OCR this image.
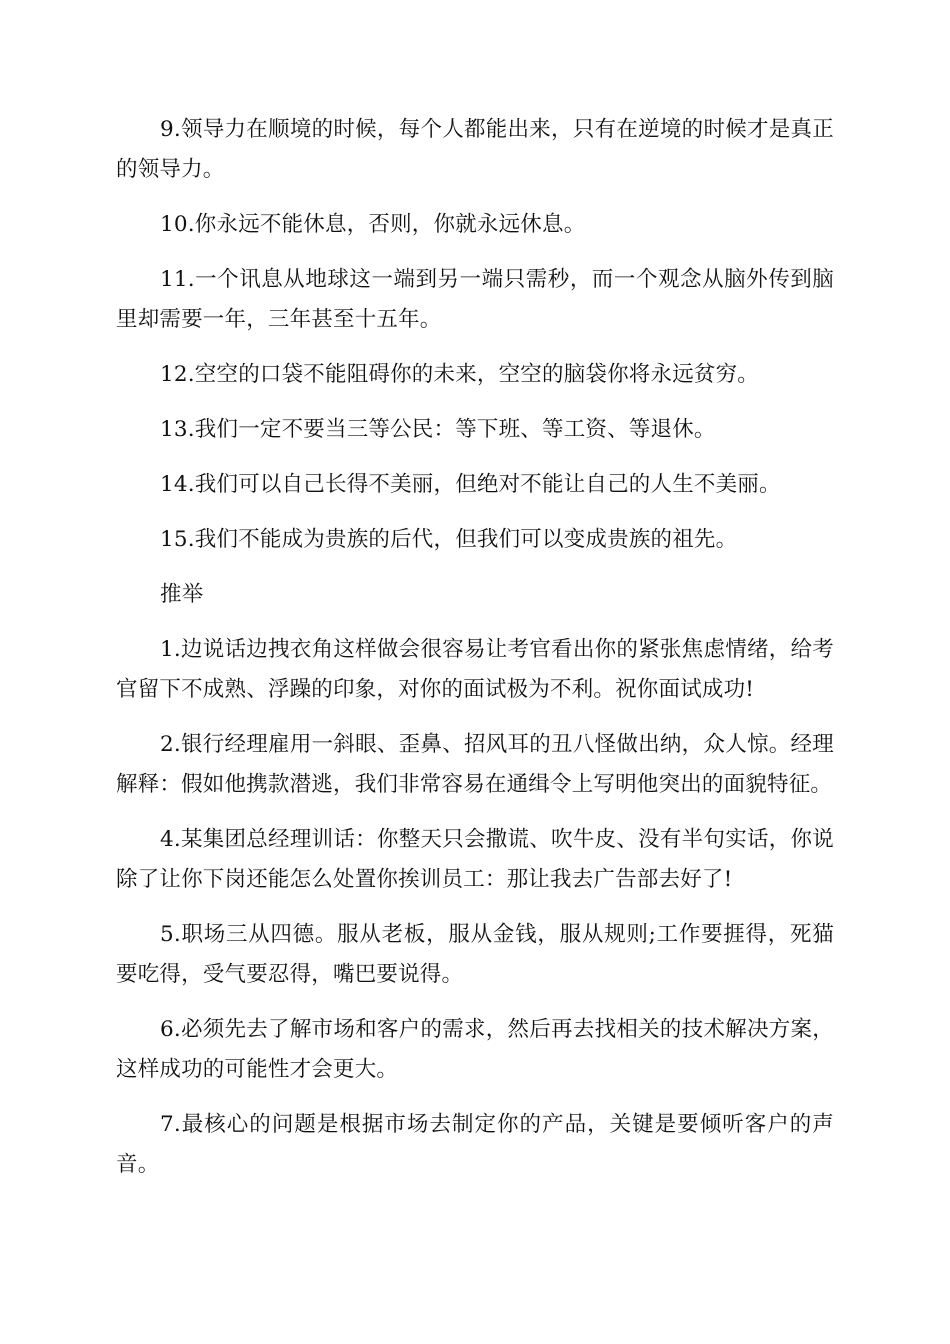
9.领导力在顺境的时候，每个人都能出来，只有在逆境的时候才是真正的领导力。

10.你永远不能休息，否则，你就永远休息。

11.一个讯息从地球这一端到另一端只需秒，而一个观念从脑外传到脑里却需要一年，三年甚至十五年。

12.空空的口袋不能阻碍你的未来，空空的脑袋你将永远贫穷。

13.我们一定不要当三等公民：等下班、等工资、等退休。

14.我们可以自己长得不美丽，但绝对不能让自己的人生不美丽。

15.我们不能成为贵族的后代，但我们可以变成贵族的祖先。

推举

1.边说话边拽衣角这样做会很容易让考官看出你的紧张焦虑情绪，给考官留下不成熟、浮躁的印象，对你的面试极为不利。祝你面试成功!

2.银行经理雇用一斜眼、歪鼻、招风耳的丑八怪做出纳，众人惊。经理解释：假如他携款潜逃，我们非常容易在通缉令上写明他突出的面貌特征。

4.某集团总经理训话：你整天只会撒谎、吹牛皮、没有半句实话，你说除了让你下岗还能怎么处置你挨训员工：那让我去广告部去好了!

5.职场三从四德。服从老板，服从金钱，服从规则;工作要捱得，死猫要吃得，受气要忍得，嘴巴要说得。

6.必须先去了解市场和客户的需求，然后再去找相关的技术解决方案，这样成功的可能性才会更大。

7.最核心的问题是根据市场去制定你的产品，关键是要倾听客户的声音。
